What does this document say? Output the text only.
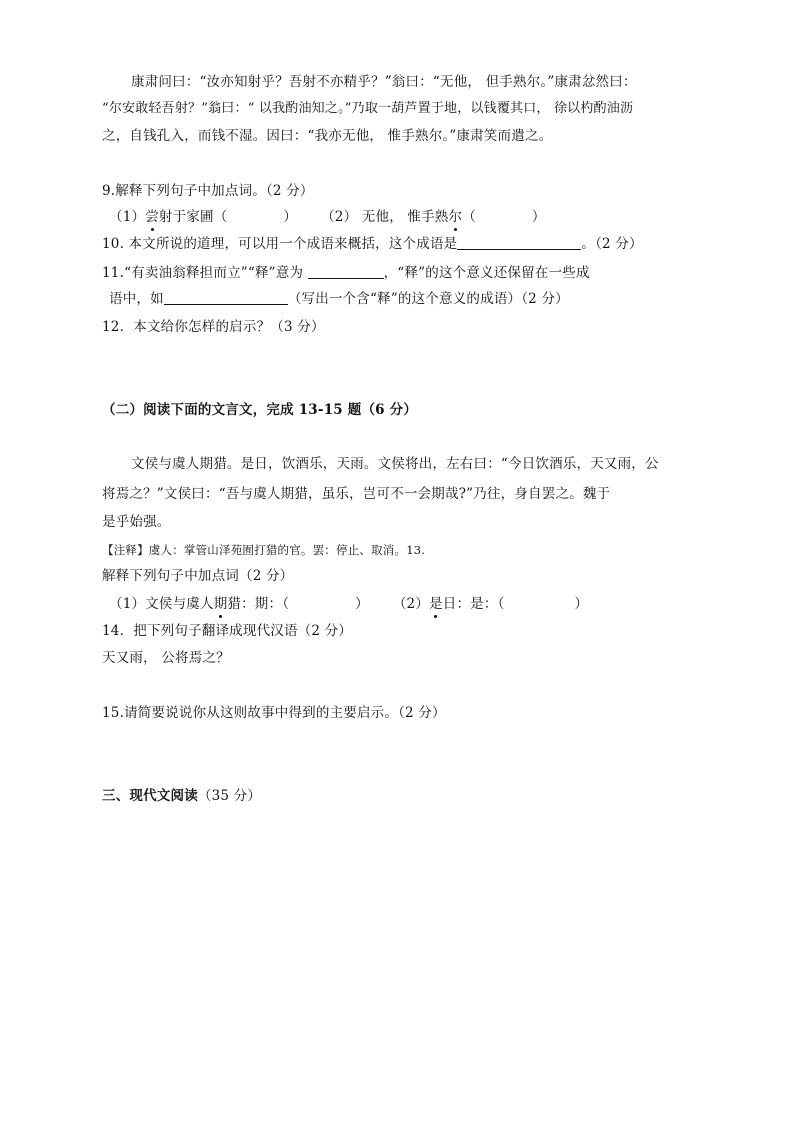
康肃问曰：“汝亦知射乎？吾射不亦精乎？”翁曰：“无他， 但手熟尔。”康肃忿然曰：
“尔安敢轻吾射？”翁曰：“ 以我酌油知之。”乃取一葫芦置于地，以钱覆其口， 徐以杓酌油沥
之，自钱孔入，而钱不湿。因曰：“我亦无他， 惟手熟尔。”康肃笑而遣之。
9.解释下列句子中加点词。（2 分）
（1）尝射于家圃（	） （2） 无他， 惟手熟尔（	）
10. 本文所说的道理，可以用一个成语来概括，这个成语是	。（2 分）
11.“有卖油翁释担而立”“释”意为	，“释”的这个意义还保留在一些成
语中，如	（写出一个含“释”的这个意义的成语）（2 分）
12．本文给你怎样的启示？（3 分）
（二）阅读下面的文言文，完成 13-15 题（6 分）
文侯与虞人期猎。是日，饮酒乐，天雨。文侯将出，左右曰：“今日饮酒乐，天又雨，公
将焉之？”文侯曰：“吾与虞人期猎，虽乐，岂可不一会期哉?”乃往，身自罢之。魏于
是乎始强。
【注释】虞人：掌管山泽苑囿打猎的官。罢：停止、取消。13.
解释下列句子中加点词（2 分）
（1）文侯与虞人期猎：期：（	） （2）是日：是：（	）
14．把下列句子翻译成现代汉语（2 分）
天又雨， 公将焉之？
15.请简要说说你从这则故事中得到的主要启示。（2 分）
三、现代文阅读（35 分）
